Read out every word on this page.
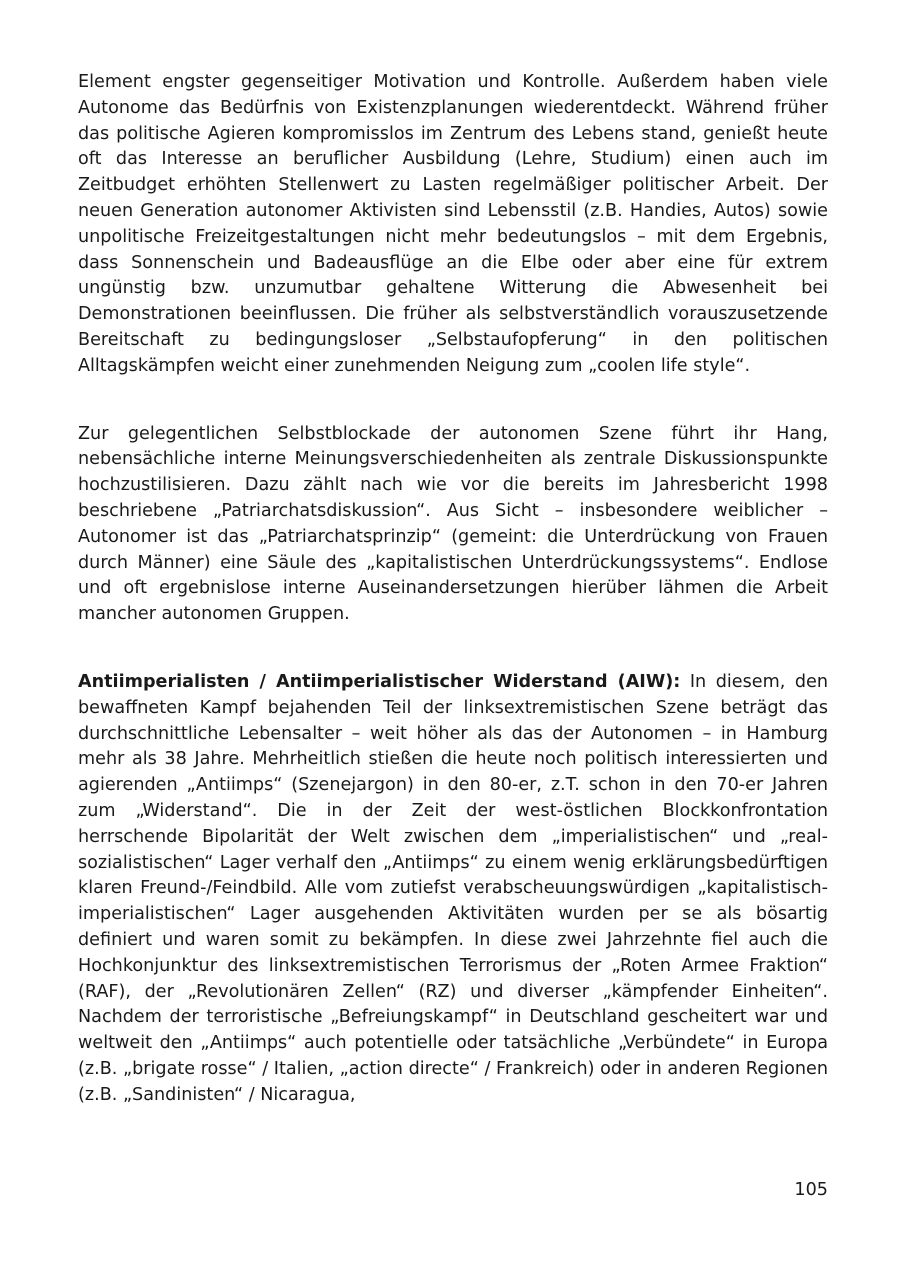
Element engster gegenseitiger Motivation und Kontrolle. Außerdem haben viele Autonome das Bedürfnis von Existenzplanungen wiederentdeckt. Während früher das politische Agieren kompromisslos im Zentrum des Lebens stand, genießt heute oft das Interesse an beruflicher Ausbildung (Lehre, Studium) einen auch im Zeitbudget erhöhten Stellenwert zu Lasten regelmäßiger politischer Arbeit. Der neuen Generation autonomer Aktivisten sind Lebensstil (z.B. Handies, Autos) sowie unpolitische Freizeitgestaltungen nicht mehr bedeutungslos – mit dem Ergebnis, dass Sonnenschein und Badeausflüge an die Elbe oder aber eine für extrem ungünstig bzw. unzumutbar gehaltene Witterung die Abwesenheit bei Demonstrationen beeinflussen. Die früher als selbstverständlich vorauszusetzende Bereitschaft zu bedingungsloser „Selbstaufopferung“ in den politischen Alltagskämpfen weicht einer zunehmenden Neigung zum „coolen life style“.

Zur gelegentlichen Selbstblockade der autonomen Szene führt ihr Hang, nebensächliche interne Meinungsverschiedenheiten als zentrale Diskussionspunkte hochzustilisieren. Dazu zählt nach wie vor die bereits im Jahresbericht 1998 beschriebene „Patriarchatsdiskussion“. Aus Sicht – insbesondere weiblicher – Autonomer ist das „Patriarchatsprinzip“ (gemeint: die Unterdrückung von Frauen durch Männer) eine Säule des „kapitalistischen Unterdrückungssystems“. Endlose und oft ergebnislose interne Auseinandersetzungen hierüber lähmen die Arbeit mancher autonomen Gruppen.

Antiimperialisten / Antiimperialistischer Widerstand (AIW): In diesem, den bewaffneten Kampf bejahenden Teil der linksextremistischen Szene beträgt das durchschnittliche Lebensalter – weit höher als das der Autonomen – in Hamburg mehr als 38 Jahre. Mehrheitlich stießen die heute noch politisch interessierten und agierenden „Antiimps“ (Szenejargon) in den 80-er, z.T. schon in den 70-er Jahren zum „Widerstand“. Die in der Zeit der west-östlichen Blockkonfrontation herrschende Bipolarität der Welt zwischen dem „imperialistischen“ und „real-sozialistischen“ Lager verhalf den „Antiimps“ zu einem wenig erklärungsbedürftigen klaren Freund-/Feindbild. Alle vom zutiefst verabscheuungswürdigen „kapitalistisch-imperialistischen“ Lager ausgehenden Aktivitäten wurden per se als bösartig definiert und waren somit zu bekämpfen. In diese zwei Jahrzehnte fiel auch die Hochkonjunktur des linksextremistischen Terrorismus der „Roten Armee Fraktion“ (RAF), der „Revolutionären Zellen“ (RZ) und diverser „kämpfender Einheiten“. Nachdem der terroristische „Befreiungskampf“ in Deutschland gescheitert war und weltweit den „Antiimps“ auch potentielle oder tatsächliche „Verbündete“ in Europa (z.B. „brigate rosse“ / Italien, „action directe“ / Frankreich) oder in anderen Regionen (z.B. „Sandinisten“ / Nicaragua,

105
